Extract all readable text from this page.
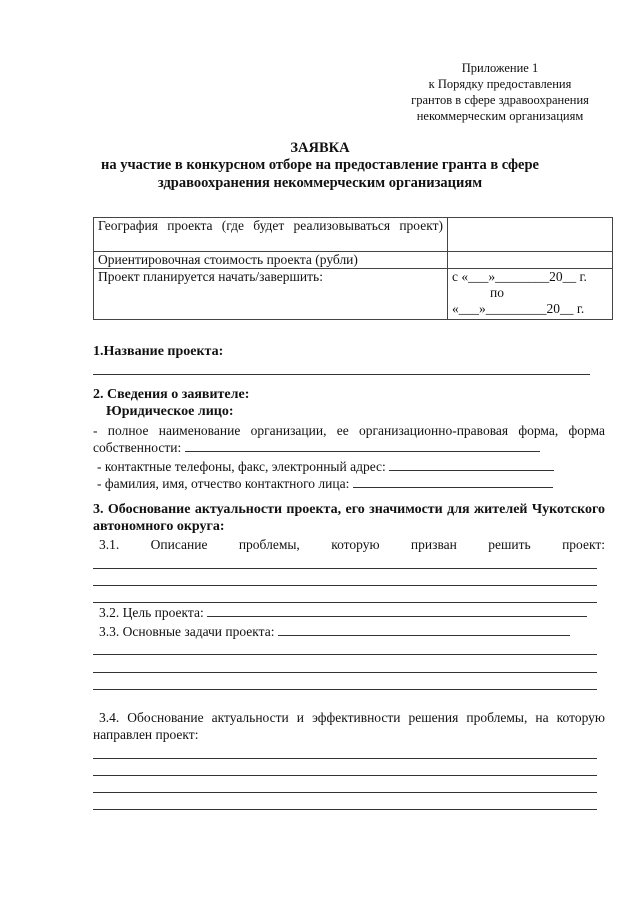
Приложение 1
к Порядку предоставления
грантов в сфере здравоохранения
некоммерческим организациям
ЗАЯВКА
на участие в конкурсном отборе на предоставление гранта в сфере
здравоохранения некоммерческим организациям
География проекта (где будет реализовываться проект)	
Ориентировочная стоимость проекта (рубли)	
Проект планируется начать/завершить:	с «___»________20__ г.
по
«___»_________20__ г.
1.Название проекта:
2. Сведения о заявителе:
Юридическое лицо:
- полное наименование организации, ее организационно-правовая форма, форма собственности:
- контактные телефоны, факс, электронный адрес:
- фамилия, имя, отчество контактного лица:
3. Обоснование актуальности проекта, его значимости для жителей Чукотского автономного округа:
3.1. Описание проблемы, которую призван решить проект:
3.2. Цель проекта:
3.3. Основные задачи проекта:
3.4. Обоснование актуальности и эффективности решения проблемы, на которую направлен проект:
